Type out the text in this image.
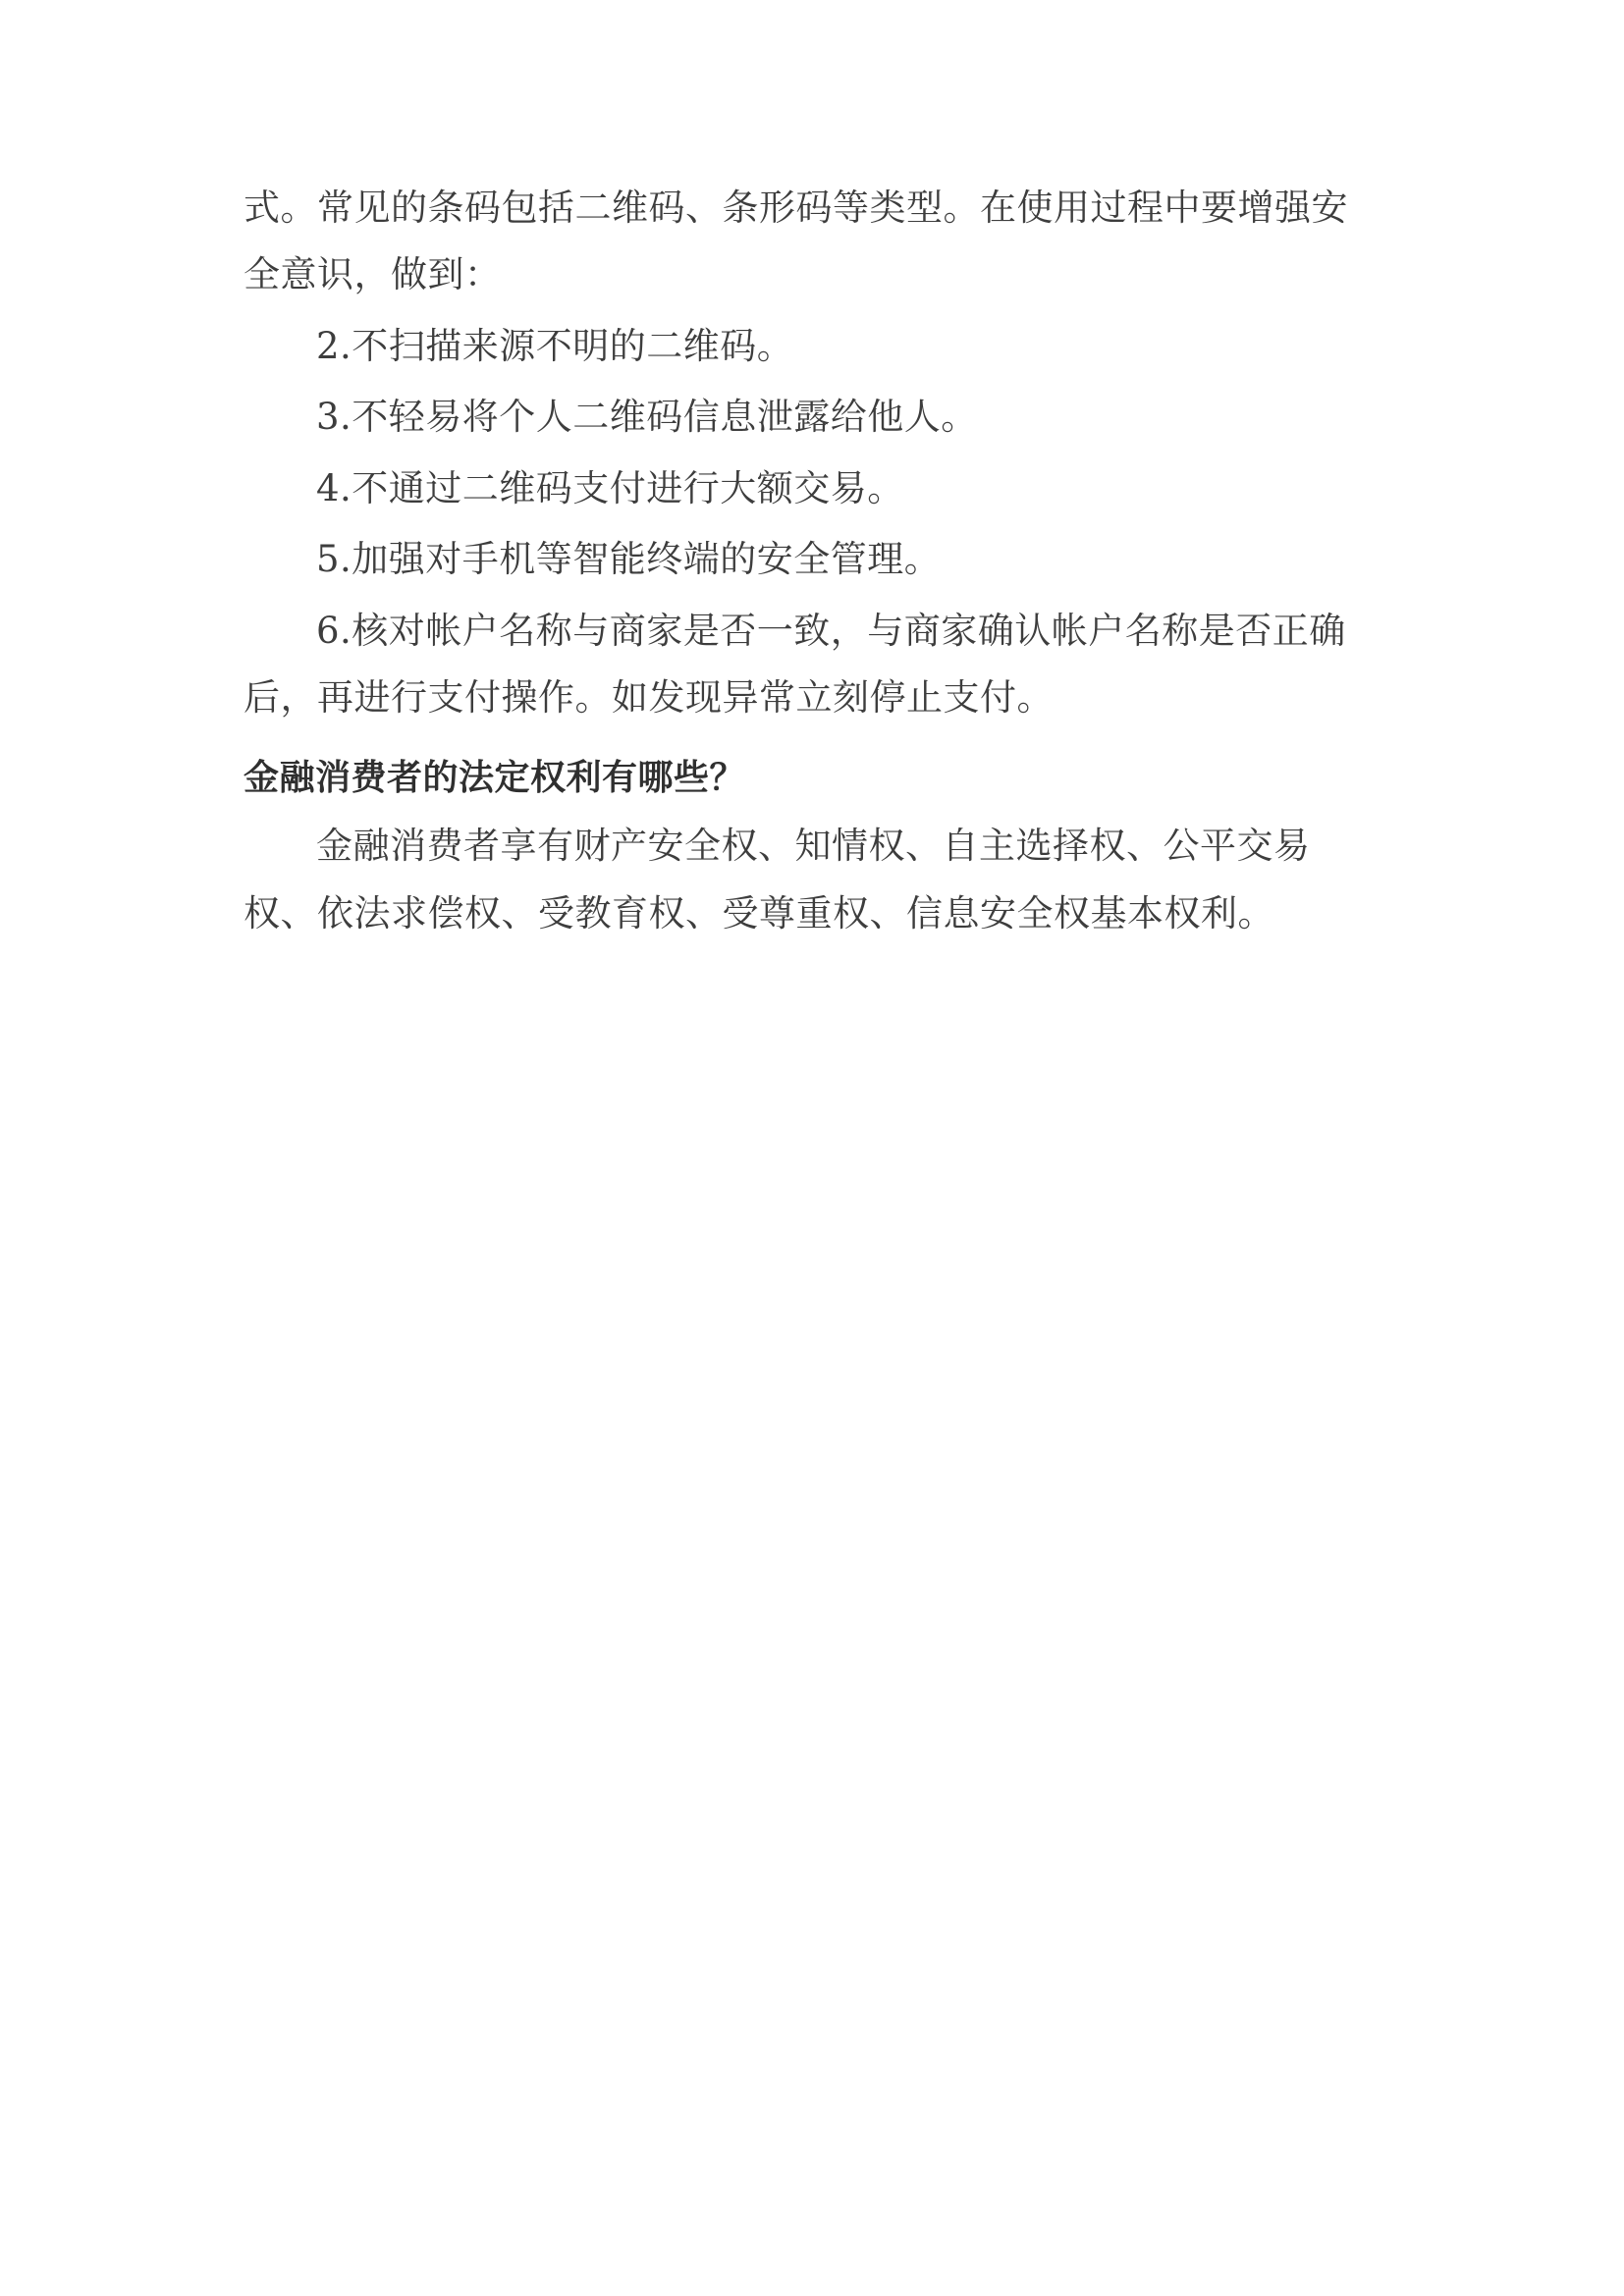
式。常见的条码包括二维码、条形码等类型。在使用过程中要增强安全意识，做到：

2.不扫描来源不明的二维码。

3.不轻易将个人二维码信息泄露给他人。

4.不通过二维码支付进行大额交易。

5.加强对手机等智能终端的安全管理。

6.核对帐户名称与商家是否一致，与商家确认帐户名称是否正确后，再进行支付操作。如发现异常立刻停止支付。

金融消费者的法定权利有哪些？

金融消费者享有财产安全权、知情权、自主选择权、公平交易权、依法求偿权、受教育权、受尊重权、信息安全权基本权利。
